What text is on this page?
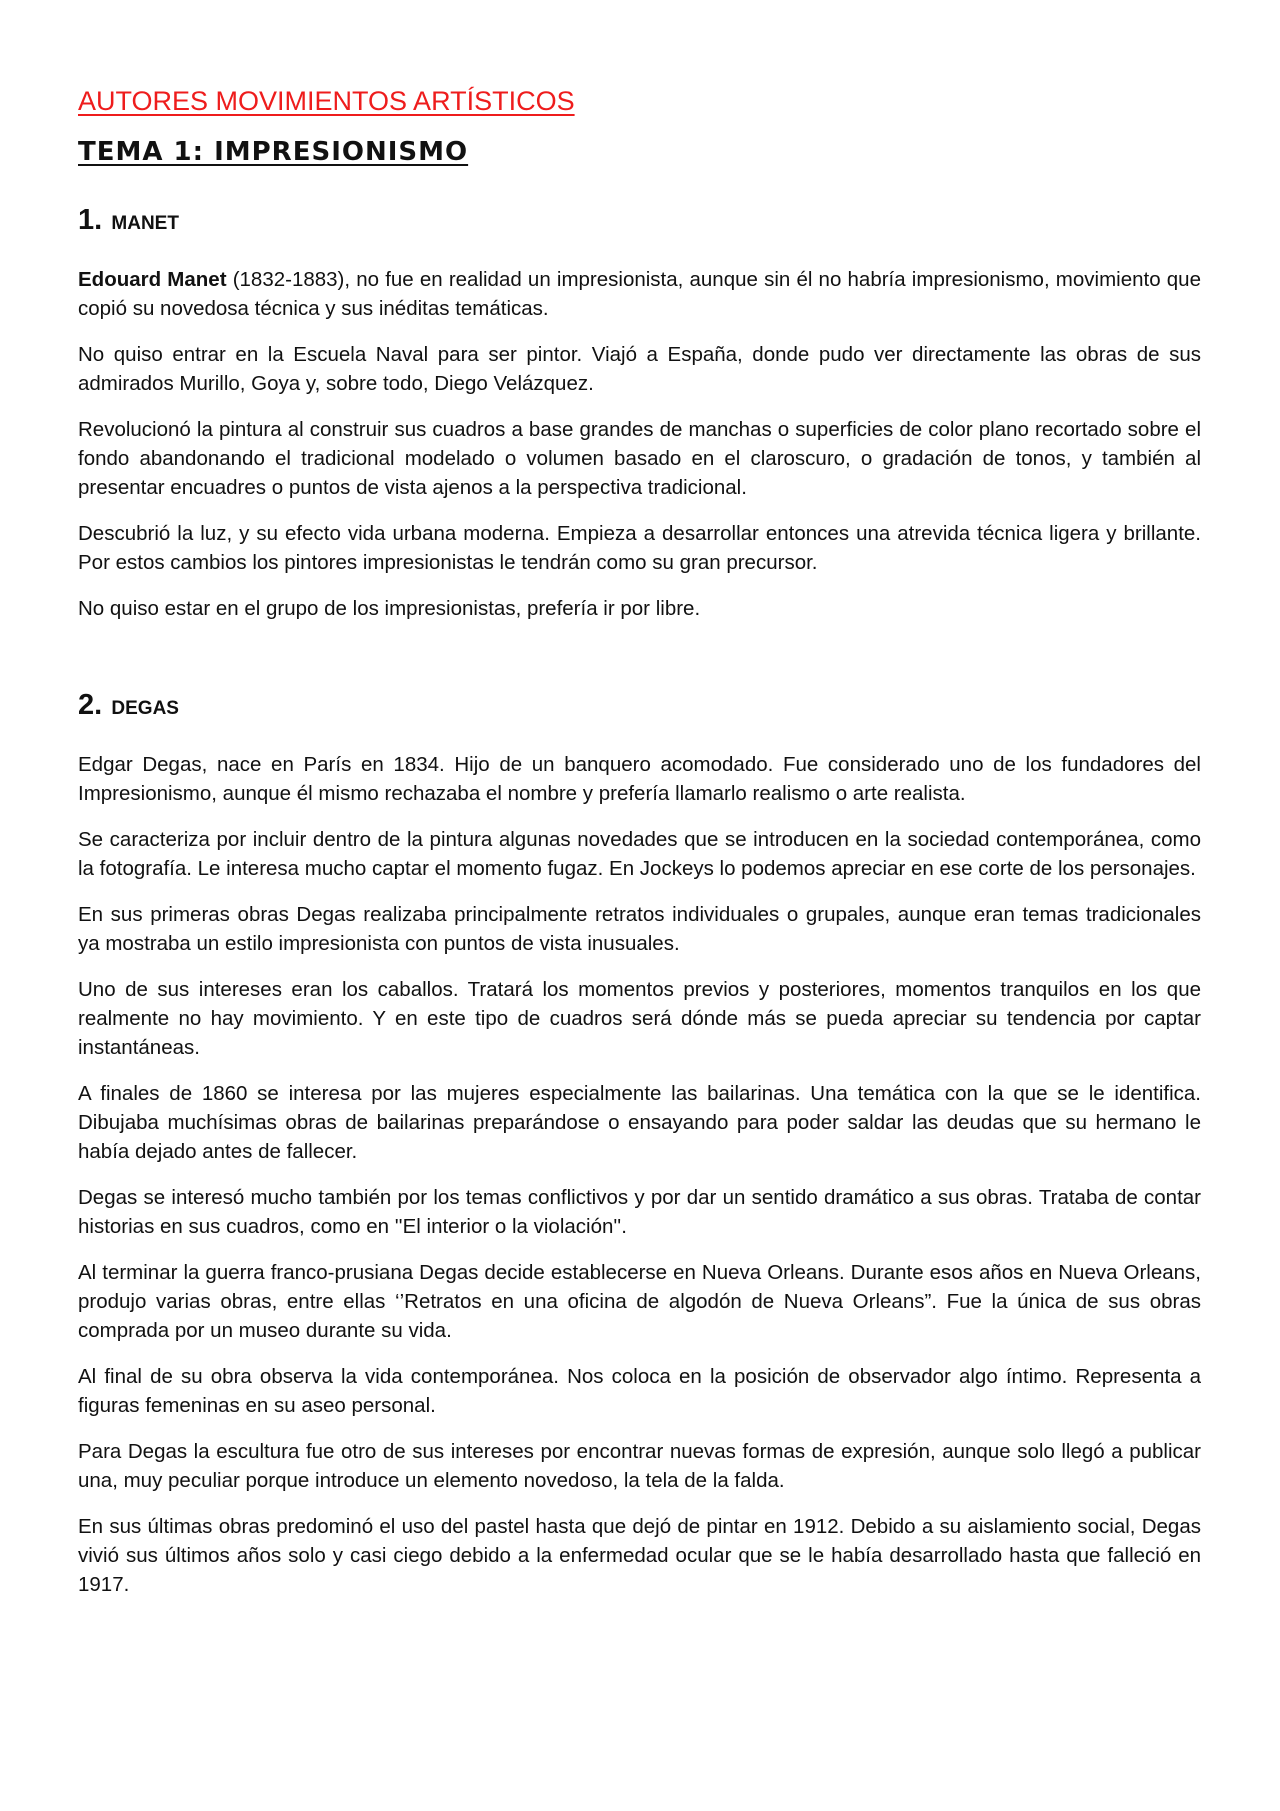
AUTORES MOVIMIENTOS ARTÍSTICOS
TEMA 1: IMPRESIONISMO
1. MANET

Edouard Manet (1832-1883), no fue en realidad un impresionista, aunque sin él no habría impresionismo, movimiento que copió su novedosa técnica y sus inéditas temáticas.

No quiso entrar en la Escuela Naval para ser pintor. Viajó a España, donde pudo ver directamente las obras de sus admirados Murillo, Goya y, sobre todo, Diego Velázquez.

Revolucionó la pintura al construir sus cuadros a base grandes de manchas o superficies de color plano recortado sobre el fondo abandonando el tradicional modelado o volumen basado en el claroscuro, o gradación de tonos, y también al presentar encuadres o puntos de vista ajenos a la perspectiva tradicional.

Descubrió la luz, y su efecto vida urbana moderna. Empieza a desarrollar entonces una atrevida técnica ligera y brillante. Por estos cambios los pintores impresionistas le tendrán como su gran precursor.

No quiso estar en el grupo de los impresionistas, prefería ir por libre.

2. DEGAS

Edgar Degas, nace en París en 1834. Hijo de un banquero acomodado. Fue considerado uno de los fundadores del Impresionismo, aunque él mismo rechazaba el nombre y prefería llamarlo realismo o arte realista.

Se caracteriza por incluir dentro de la pintura algunas novedades que se introducen en la sociedad contemporánea, como la fotografía. Le interesa mucho captar el momento fugaz. En Jockeys lo podemos apreciar en ese corte de los personajes.

En sus primeras obras Degas realizaba principalmente retratos individuales o grupales, aunque eran temas tradicionales ya mostraba un estilo impresionista con puntos de vista inusuales.

Uno de sus intereses eran los caballos. Tratará los momentos previos y posteriores, momentos tranquilos en los que realmente no hay movimiento. Y en este tipo de cuadros será dónde más se pueda apreciar su tendencia por captar instantáneas.

A finales de 1860 se interesa por las mujeres especialmente las bailarinas. Una temática con la que se le identifica. Dibujaba muchísimas obras de bailarinas preparándose o ensayando para poder saldar las deudas que su hermano le había dejado antes de fallecer.

Degas se interesó mucho también por los temas conflictivos y por dar un sentido dramático a sus obras. Trataba de contar historias en sus cuadros, como en ''El interior o la violación''.

Al terminar la guerra franco-prusiana Degas decide establecerse en Nueva Orleans. Durante esos años en Nueva Orleans, produjo varias obras, entre ellas ‘’Retratos en una oficina de algodón de Nueva Orleans”. Fue la única de sus obras comprada por un museo durante su vida.

Al final de su obra observa la vida contemporánea. Nos coloca en la posición de observador algo íntimo. Representa a figuras femeninas en su aseo personal.

Para Degas la escultura fue otro de sus intereses por encontrar nuevas formas de expresión, aunque solo llegó a publicar una, muy peculiar porque introduce un elemento novedoso, la tela de la falda.

En sus últimas obras predominó el uso del pastel hasta que dejó de pintar en 1912. Debido a su aislamiento social, Degas vivió sus últimos años solo y casi ciego debido a la enfermedad ocular que se le había desarrollado hasta que falleció en 1917.
